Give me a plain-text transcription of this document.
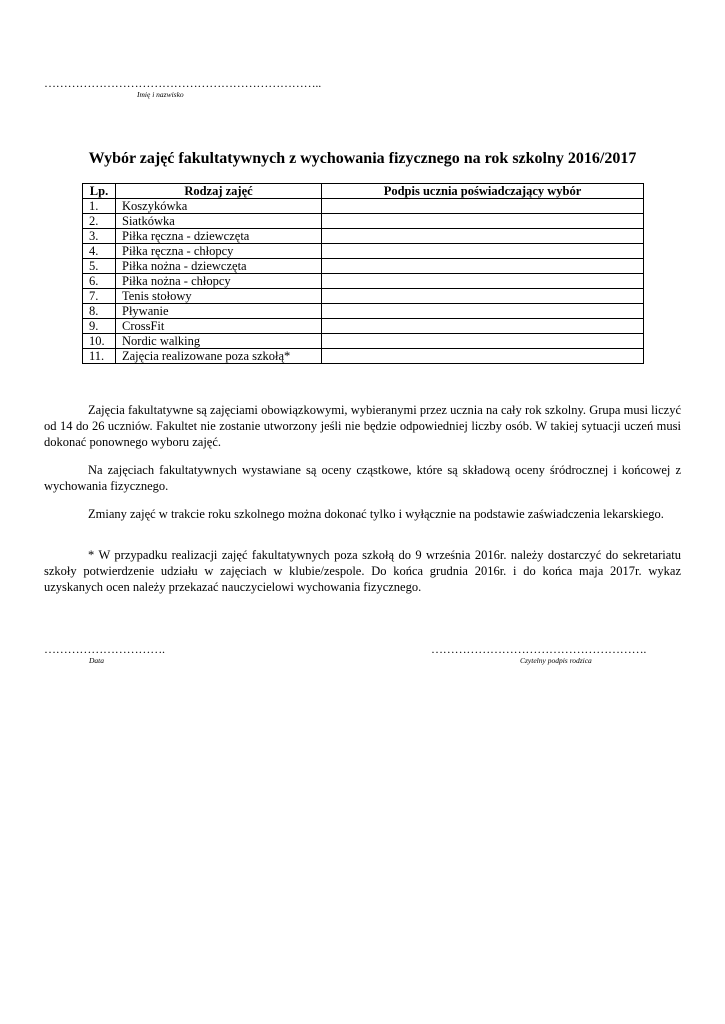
……………………………………………………………..
Imię i nazwisko
Wybór zajęć fakultatywnych z wychowania fizycznego na rok szkolny 2016/2017
Lp.	Rodzaj zajęć	Podpis ucznia poświadczający wybór
1.	Koszykówka	
2.	Siatkówka	
3.	Piłka ręczna - dziewczęta	
4.	Piłka ręczna - chłopcy	
5.	Piłka nożna - dziewczęta	
6.	Piłka nożna - chłopcy	
7.	Tenis stołowy	
8.	Pływanie	
9.	CrossFit	
10.	Nordic walking	
11.	Zajęcia realizowane poza szkołą*	

Zajęcia fakultatywne są zajęciami obowiązkowymi, wybieranymi przez ucznia na cały rok szkolny. Grupa musi liczyć od 14 do 26 uczniów. Fakultet nie zostanie utworzony jeśli nie będzie odpowiedniej liczby osób. W takiej sytuacji uczeń musi dokonać ponownego wyboru zajęć.

Na zajęciach fakultatywnych wystawiane są oceny cząstkowe, które są składową oceny śródrocznej i końcowej z wychowania fizycznego.

Zmiany zajęć w trakcie roku szkolnego można dokonać tylko i wyłącznie na podstawie zaświadczenia lekarskiego.

* W przypadku realizacji zajęć fakultatywnych poza szkołą do 9 września 2016r. należy dostarczyć do sekretariatu szkoły potwierdzenie udziału w zajęciach w klubie/zespole. Do końca grudnia 2016r. i do końca maja 2017r. wykaz uzyskanych ocen należy przekazać nauczycielowi wychowania fizycznego.

………………………….
Data
……………………………………………….
Czytelny podpis rodzica
